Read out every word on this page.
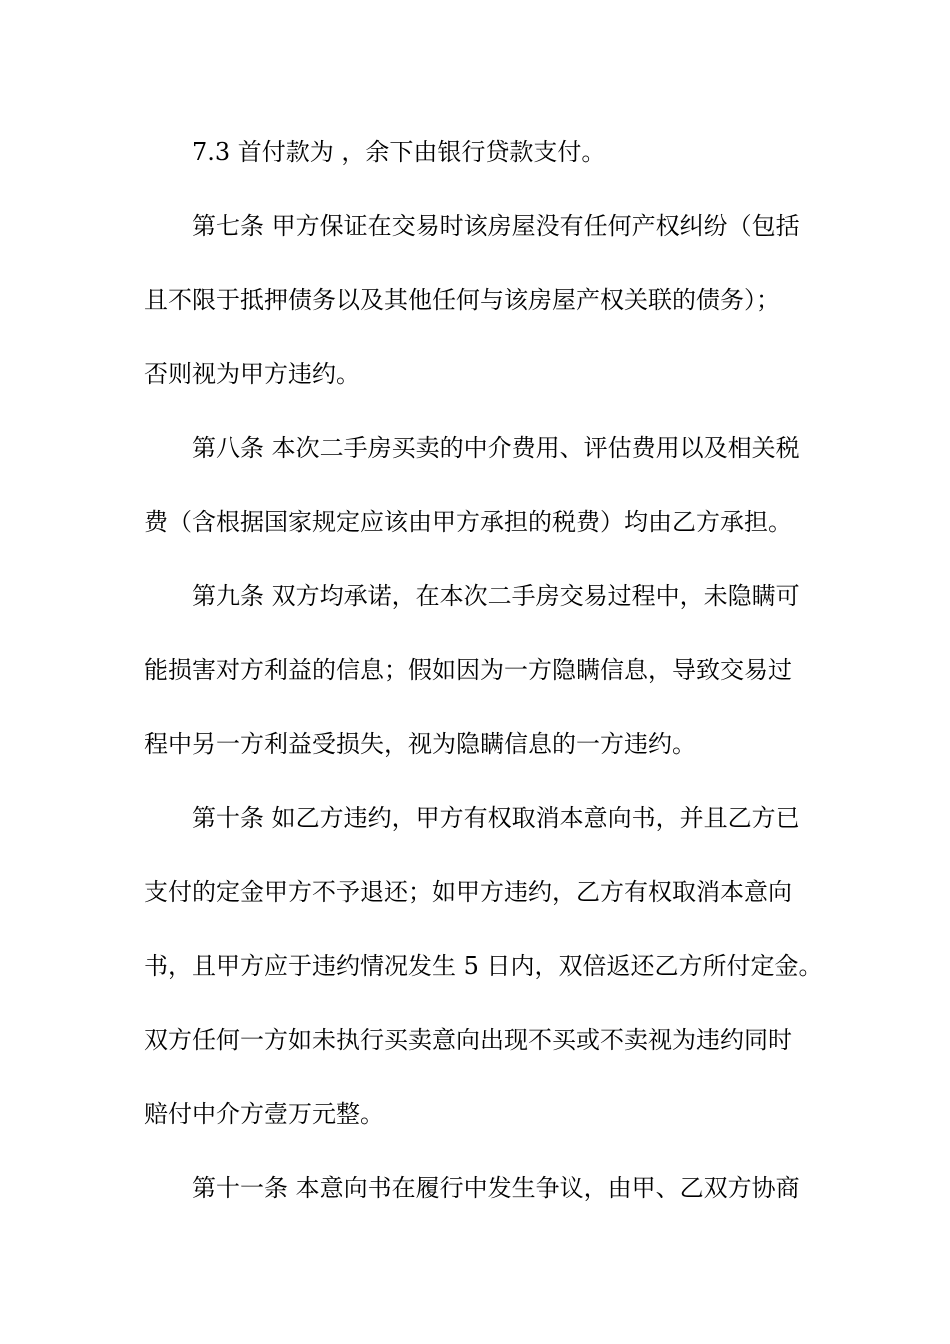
7.3 首付款为 ，余下由银行贷款支付。
第七条 甲方保证在交易时该房屋没有任何产权纠纷（包括
且不限于抵押债务以及其他任何与该房屋产权关联的债务）；
否则视为甲方违约。
第八条 本次二手房买卖的中介费用、评估费用以及相关税
费（含根据国家规定应该由甲方承担的税费）均由乙方承担。
第九条 双方均承诺，在本次二手房交易过程中，未隐瞒可
能损害对方利益的信息；假如因为一方隐瞒信息，导致交易过
程中另一方利益受损失，视为隐瞒信息的一方违约。
第十条 如乙方违约，甲方有权取消本意向书，并且乙方已
支付的定金甲方不予退还；如甲方违约，乙方有权取消本意向
书，且甲方应于违约情况发生 5 日内，双倍返还乙方所付定金。
双方任何一方如未执行买卖意向出现不买或不卖视为违约同时
赔付中介方壹万元整。
第十一条 本意向书在履行中发生争议，由甲、乙双方协商
